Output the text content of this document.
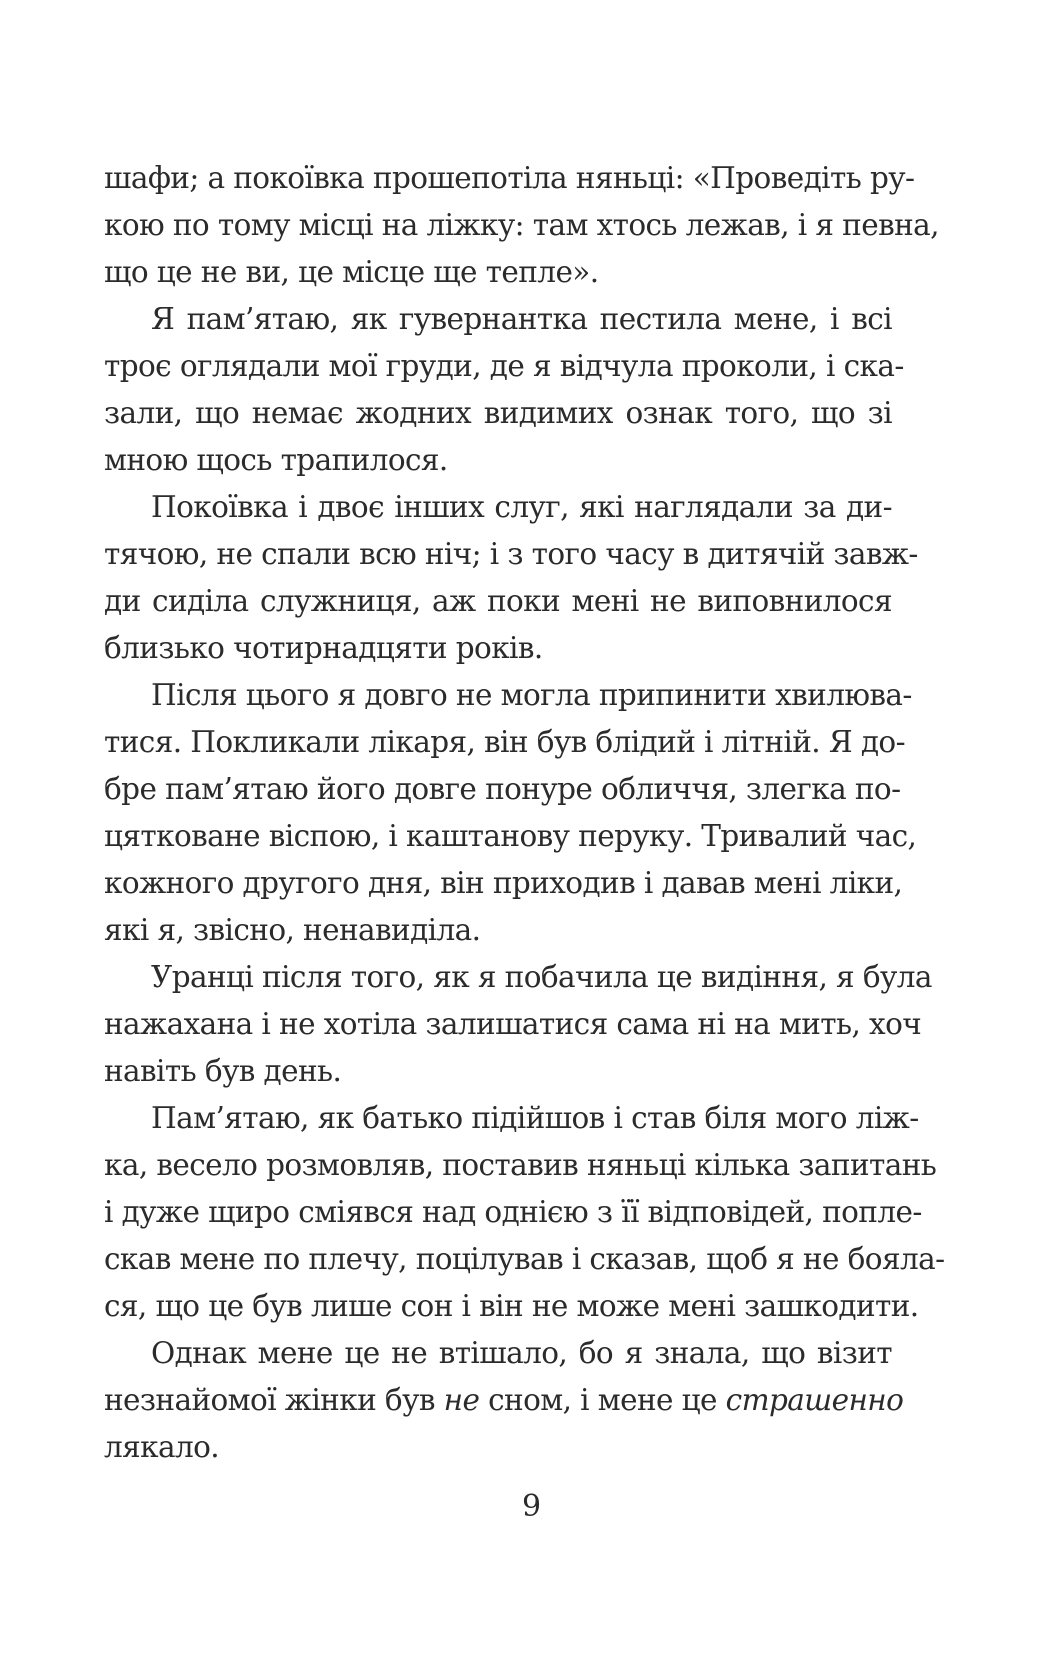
шафи; а покоївка прошепотіла няньці: «Проведіть ру-
кою по тому місці на ліжку: там хтось лежав, і я певна,
що це не ви, це місце ще тепле».
Я пам’ятаю, як гувернантка пестила мене, і всі
троє оглядали мої груди, де я відчула проколи, і ска-
зали, що немає жодних видимих ознак того, що зі
мною щось трапилося.
Покоївка і двоє інших слуг, які наглядали за ди-
тячою, не спали всю ніч; і з того часу в дитячій завж-
ди сиділа служниця, аж поки мені не виповнилося
близько чотирнадцяти років.
Після цього я довго не могла припинити хвилюва-
тися. Покликали лікаря, він був блідий і літній. Я до-
бре пам’ятаю його довге понуре обличчя, злегка по-
цятковане віспою, і каштанову перуку. Тривалий час,
кожного другого дня, він приходив і давав мені ліки,
які я, звісно, ненавиділа.
Уранці після того, як я побачила це видіння, я була
нажахана і не хотіла залишатися сама ні на мить, хоч
навіть був день.
Пам’ятаю, як батько підійшов і став біля мого ліж-
ка, весело розмовляв, поставив няньці кілька запитань
і дуже щиро сміявся над однією з її відповідей, попле-
скав мене по плечу, поцілував і сказав, щоб я не бояла-
ся, що це був лише сон і він не може мені зашкодити.
Однак мене це не втішало, бо я знала, що візит
незнайомої жінки був не сном, і мене це страшенно
лякало.
9
